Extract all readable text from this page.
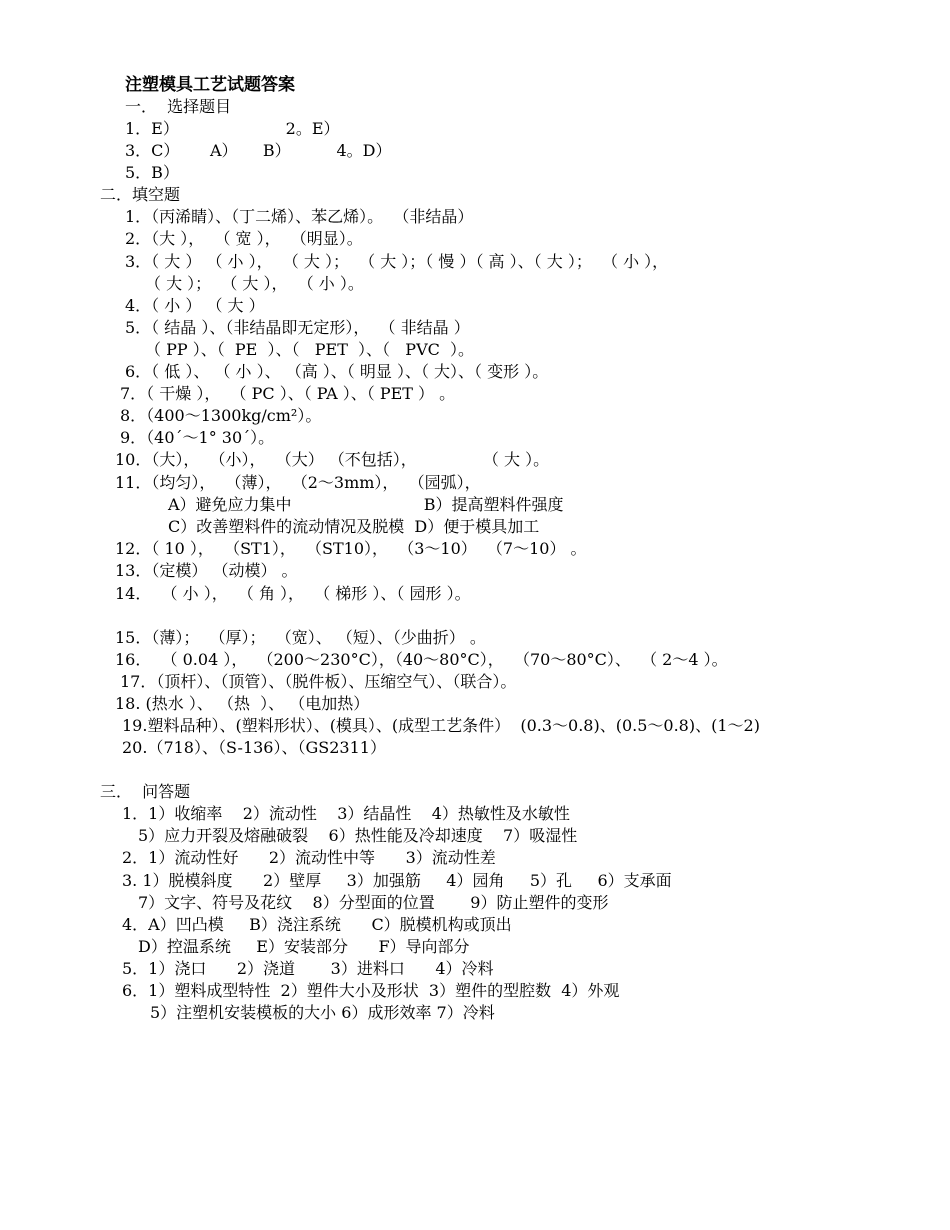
注塑模具工艺试题答案
一．  选择题目
1．E）                     2。E）
3．C）      A）     B）         4。D）
5．B）
二．填空题
1．（丙浠睛）、（丁二烯）、苯乙烯）。  （非结晶）
2．（大 ），  （ 宽 ），  （明显）。
3．（ 大 ） （ 小 ），  （ 大 ）；  （ 大 ）；（ 慢 ）（ 高 ）、（ 大 ）；  （ 小 ），
（ 大 ）；  （ 大 ），  （ 小 ）。
4．（ 小 ） （ 大 ）
5．（ 结晶 ）、（非结晶即无定形），  （ 非结晶 ）
（ PP ）、（  PE  ）、（   PET  ）、（   PVC  ）。
6．（ 低 ）、 （ 小 ）、 （高 ）、（ 明显 ）、（ 大）、（ 变形 ）。
7．（ 干燥 ），  （ PC ）、（ PA ）、（ PET ） 。
8．（400～1300kg/cm²）。
9．（40´～1° 30´）。
10．（大），  （小），  （大） （不包括），             （ 大 ）。
11．（均匀），  （薄），  （2～3mm），  （园弧），
A）避免应力集中                          B）提高塑料件强度
C）改善塑料件的流动情况及脱模  D）便于模具加工
12．（ 10 ），  （ST1），  （ST10），  （3～10）  （7～10） 。
13．（定模） （动模） 。
14．  （ 小 ），  （ 角 ），  （ 梯形 ）、（ 园形 ）。
15．（薄）；  （厚）；  （宽）、 （短）、（少曲折） 。
16．  （ 0.04 ），  （200～230°C），（40～80°C），  （70～80°C）、  （ 2～4 ）。
17．（顶杆）、（顶管）、（脱件板）、压缩空气）、（联合）。
18. (热水 ）、 （热  ）、 （电加热）
19.塑料品种）、(塑料形状）、(模具）、(成型工艺条件）  (0.3～0.8)、(0.5～0.8)、(1～2)
20.（718）、（S-136）、（GS2311）
三．  问答题
1．1）收缩率    2）流动性    3）结晶性    4）热敏性及水敏性
5）应力开裂及熔融破裂    6）热性能及冷却速度    7）吸湿性
2．1）流动性好      2）流动性中等      3）流动性差
3. 1）脱模斜度      2）壁厚     3）加强筋     4）园角     5）孔     6）支承面
7）文字、符号及花纹    8）分型面的位置       9）防止塑件的变形
4．A）凹凸模     B）浇注系统      C）脱模机构或顶出
D）控温系统     E）安装部分      F）导向部分
5．1）浇口      2）浇道       3）进料口      4）冷料
6．1）塑料成型特性  2）塑件大小及形状  3）塑件的型腔数  4）外观
5）注塑机安装模板的大小 6）成形效率 7）冷料
